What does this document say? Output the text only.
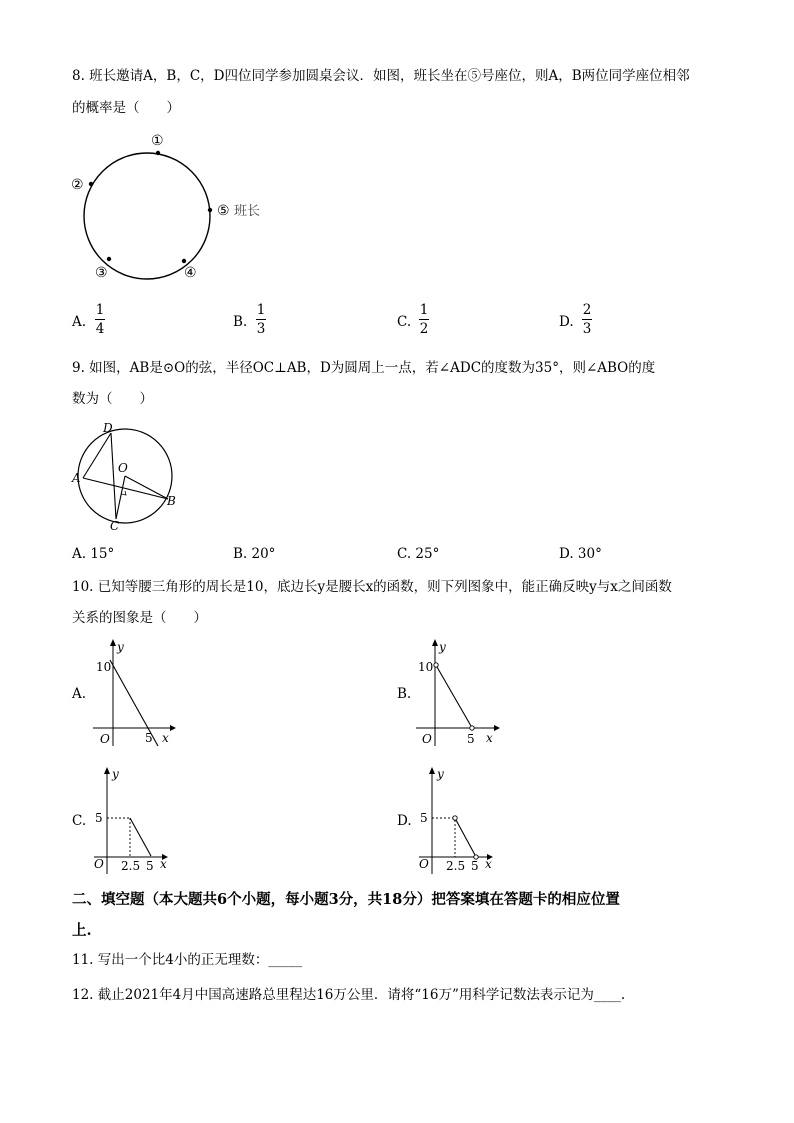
8. 班长邀请A，B，C，D四位同学参加圆桌会议．如图，班长坐在⑤号座位，则A，B两位同学座位相邻
的概率是（　　）
①
②
③	④
⑤ 班长
A.
1
4	B.
1
3	C.
1
2	D.
2
3
9. 如图，AB是⊙O的弦，半径OC⊥AB，D为圆周上一点，若∠ADC的度数为35°，则∠ABO的度
数为（　　）
D
A
O
B
C
A. 15°	B. 20°	C. 25°	D. 30°
10. 已知等腰三角形的周长是10，底边长y是腰长x的函数，则下列图象中，能正确反映y与x之间函数
关系的图象是（　　）
A.
10
5
O	x
y
B.
10
5
O	x
y
C. 5
2.5 5
O	x
y
D. 5
2.5 5
O	x
y
二、填空题（本大题共6个小题，每小题3分，共18分）把答案填在答题卡的相应位置
上.
11. 写出一个比4小的正无理数：_____
12. 截止2021年4月中国高速路总里程达16万公里．请将“16万”用科学记数法表示记为____.
